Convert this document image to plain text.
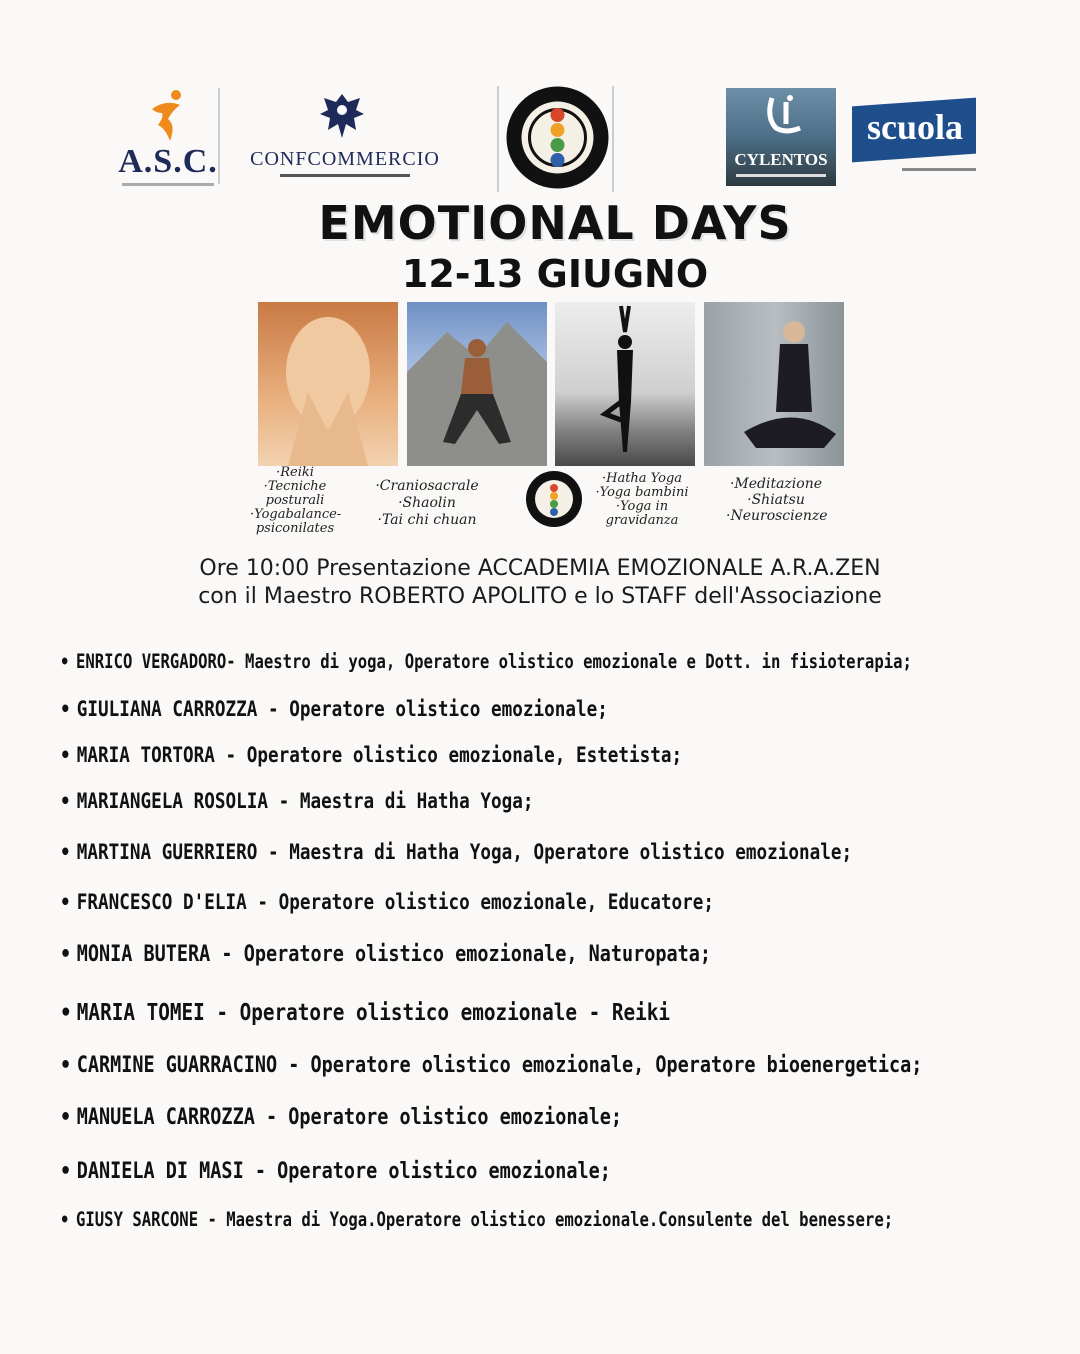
A.S.C. CONFCOMMERCIO	CYLENTOS
scuola
EMOTIONAL DAYS
12-13 GIUGNO
·Reiki
·Tecniche
posturali
·Yogabalance-
psiconilates
·Craniosacrale
·Shaolin
·Tai chi chuan
·Hatha Yoga
·Yoga bambini
·Yoga in
gravidanza
·Meditazione
·Shiatsu
·Neuroscienze
Ore 10:00 Presentazione ACCADEMIA EMOZIONALE A.R.A.ZEN
con il Maestro ROBERTO APOLITO e lo STAFF dell'Associazione
• ENRICO VERGADORO- Maestro di yoga, Operatore olistico emozionale e Dott. in fisioterapia;
• GIULIANA CARROZZA - Operatore olistico emozionale;
• MARIA TORTORA - Operatore olistico emozionale, Estetista;
• MARIANGELA ROSOLIA - Maestra di Hatha Yoga;
• MARTINA GUERRIERO - Maestra di Hatha Yoga, Operatore olistico emozionale;
• FRANCESCO D'ELIA - Operatore olistico emozionale, Educatore;
• MONIA BUTERA - Operatore olistico emozionale, Naturopata;
• MARIA TOMEI - Operatore olistico emozionale - Reiki
• CARMINE GUARRACINO - Operatore olistico emozionale, Operatore bioenergetica;
• MANUELA CARROZZA - Operatore olistico emozionale;
• DANIELA DI MASI - Operatore olistico emozionale;
• GIUSY SARCONE - Maestra di Yoga.Operatore olistico emozionale.Consulente del benessere;
